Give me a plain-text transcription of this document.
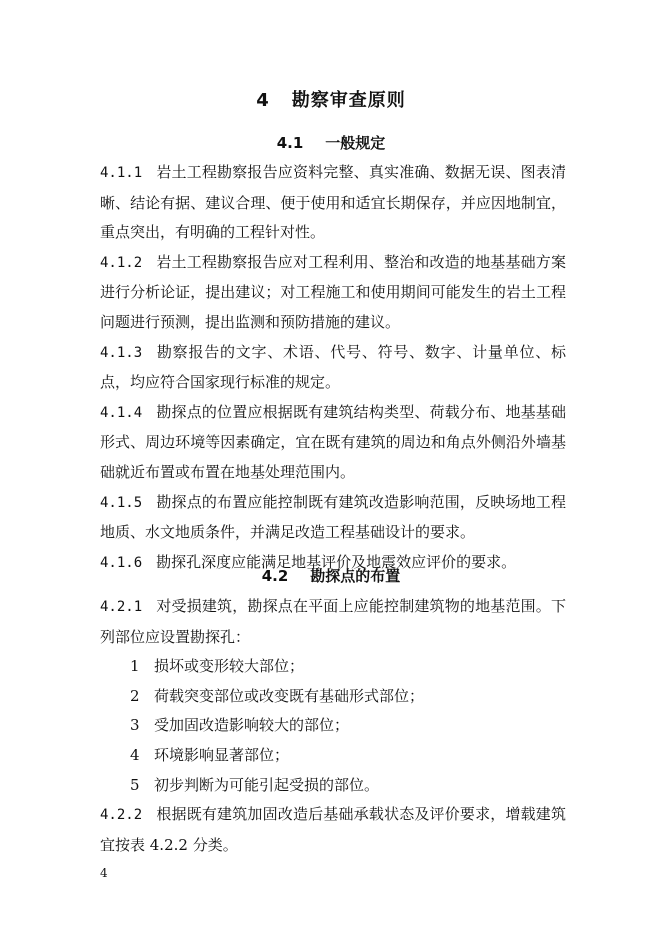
4 勘察审查原则
4.1 一般规定

4.1.1 岩土工程勘察报告应资料完整、真实准确、数据无误、图表清晰、结论有据、建议合理、便于使用和适宜长期保存，并应因地制宜，重点突出，有明确的工程针对性。

4.1.2 岩土工程勘察报告应对工程利用、整治和改造的地基基础方案进行分析论证，提出建议；对工程施工和使用期间可能发生的岩土工程问题进行预测，提出监测和预防措施的建议。

4.1.3 勘察报告的文字、术语、代号、符号、数字、计量单位、标点，均应符合国家现行标准的规定。

4.1.4 勘探点的位置应根据既有建筑结构类型、荷载分布、地基基础形式、周边环境等因素确定，宜在既有建筑的周边和角点外侧沿外墙基础就近布置或布置在地基处理范围内。

4.1.5 勘探点的布置应能控制既有建筑改造影响范围，反映场地工程地质、水文地质条件，并满足改造工程基础设计的要求。

4.1.6 勘探孔深度应能满足地基评价及地震效应评价的要求。

4.2 勘探点的布置

4.2.1 对受损建筑，勘探点在平面上应能控制建筑物的地基范围。下列部位应设置勘探孔：

1 损坏或变形较大部位；
2 荷载突变部位或改变既有基础形式部位；
3 受加固改造影响较大的部位；
4 环境影响显著部位；
5 初步判断为可能引起受损的部位。

4.2.2 根据既有建筑加固改造后基础承载状态及评价要求，增载建筑宜按表 4.2.2 分类。

4
